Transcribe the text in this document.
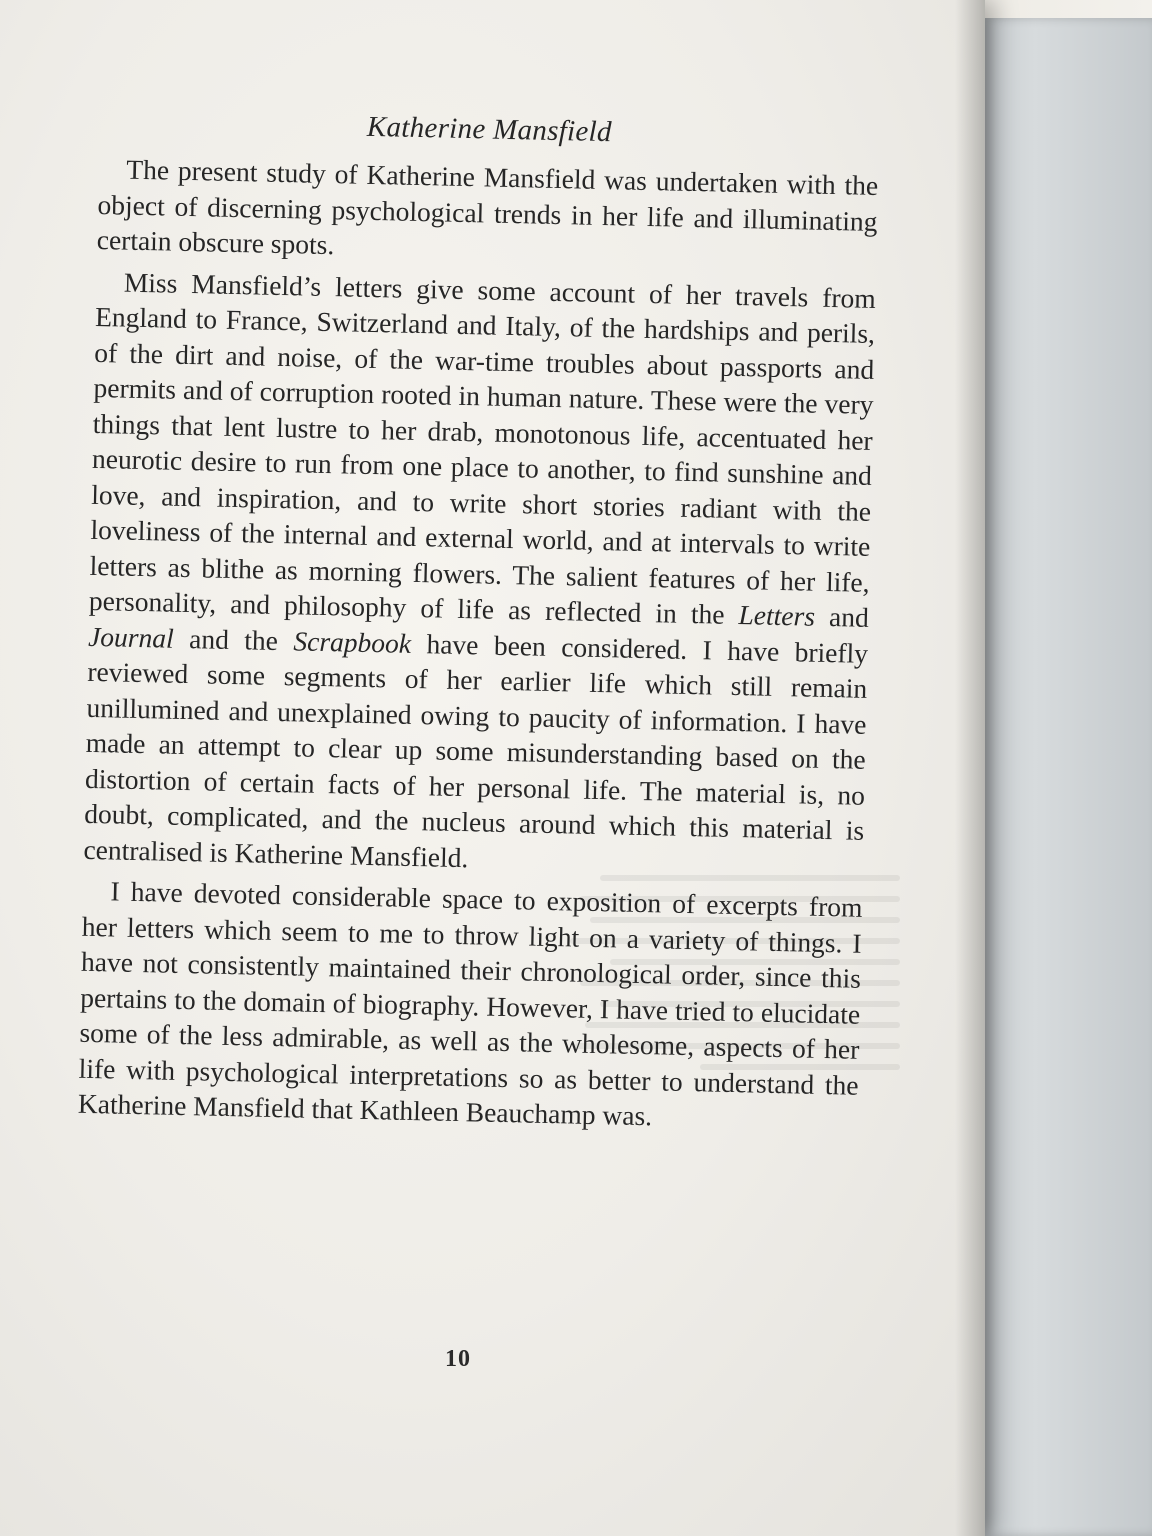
Katherine Mansfield

The present study of Katherine Mansfield was undertaken with the object of discerning psychological trends in her life and illuminating certain obscure spots.

Miss Mansfield’s letters give some account of her travels from England to France, Switzerland and Italy, of the hardships and perils, of the dirt and noise, of the war-time troubles about passports and permits and of corruption rooted in human nature. These were the very things that lent lustre to her drab, monotonous life, accentuated her neurotic desire to run from one place to another, to find sunshine and love, and inspiration, and to write short stories radiant with the loveliness of the internal and external world, and at intervals to write letters as blithe as morning flowers. The salient features of her life, personality, and philosophy of life as reflected in the Letters and Journal and the Scrapbook have been considered. I have briefly reviewed some segments of her earlier life which still remain unillumined and unexplained owing to paucity of information. I have made an attempt to clear up some misunderstanding based on the distortion of certain facts of her personal life. The material is, no doubt, complicated, and the nucleus around which this material is centralised is Katherine Mansfield.

I have devoted considerable space to exposition of excerpts from her letters which seem to me to throw light on a variety of things. I have not consistently maintained their chronological order, since this pertains to the domain of biography. However, I have tried to elucidate some of the less admirable, as well as the wholesome, aspects of her life with psychological interpretations so as better to understand the Katherine Mansfield that Kathleen Beauchamp was.

10
